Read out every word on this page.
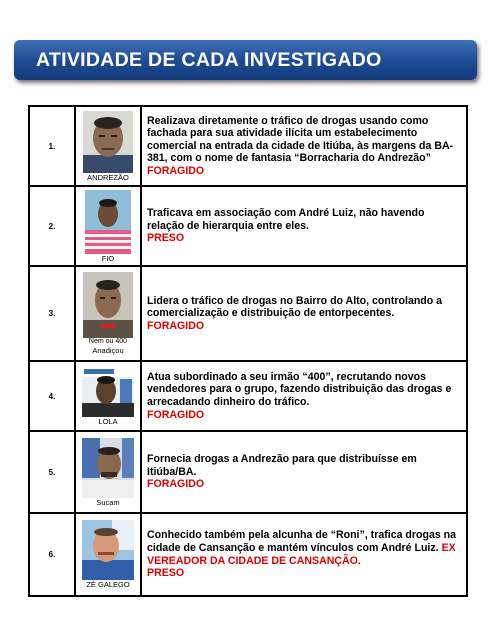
ATIVIDADE DE CADA INVESTIGADO
1.	ANDREZÃO	Realizava diretamente o tráfico de drogas usando como fachada para sua atividade ilícita um estabelecimento comercial na entrada da cidade de Itiúba, às margens da BA-381, com o nome de fantasia “Borracharia do Andrezão” FORAGIDO
2.	FIO	Traficava em associação com André Luiz, não havendo relação de hierarquia entre eles.
PRESO
3.	Nem ou 400
Anadiçou	Lidera o tráfico de drogas no Bairro do Alto, controlando a comercialização e distribuição de entorpecentes.
FORAGIDO
4.	LOLA	Atua subordinado a seu irmão “400”, recrutando novos vendedores para o grupo, fazendo distribuição das drogas e arrecadando dinheiro do tráfico.
FORAGIDO
5.	Sucam	Fornecia drogas a Andrezão para que distribuísse em Itiúba/BA.
FORAGIDO
6.	ZÉ GALEGO	Conhecido também pela alcunha de “Roni”, trafica drogas na cidade de Cansanção e mantém vínculos com André Luiz. EX VEREADOR DA CIDADE DE CANSANÇÃO.
PRESO
